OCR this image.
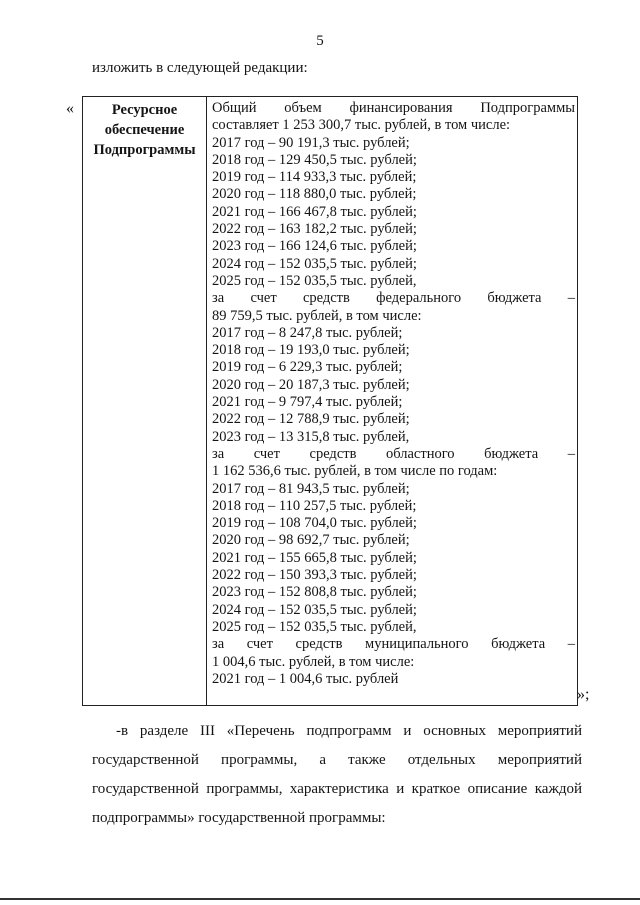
5
изложить в следующей редакции:
«	Ресурсное
обеспечение
Подпрограммы
Общий объем финансирования Подпрограммы
составляет 1 253 300,7 тыс. рублей, в том числе:
2017 год – 90 191,3 тыс. рублей;
2018 год – 129 450,5 тыс. рублей;
2019 год – 114 933,3 тыс. рублей;
2020 год – 118 880,0 тыс. рублей;
2021 год – 166 467,8 тыс. рублей;
2022 год – 163 182,2 тыс. рублей;
2023 год – 166 124,6 тыс. рублей;
2024 год – 152 035,5 тыс. рублей;
2025 год – 152 035,5 тыс. рублей,
за счет средств федерального бюджета –
89 759,5 тыс. рублей, в том числе:
2017 год – 8 247,8 тыс. рублей;
2018 год – 19 193,0 тыс. рублей;
2019 год – 6 229,3 тыс. рублей;
2020 год – 20 187,3 тыс. рублей;
2021 год – 9 797,4 тыс. рублей;
2022 год – 12 788,9 тыс. рублей;
2023 год – 13 315,8 тыс. рублей,
за счет средств областного бюджета –
1 162 536,6 тыс. рублей, в том числе по годам:
2017 год – 81 943,5 тыс. рублей;
2018 год – 110 257,5 тыс. рублей;
2019 год – 108 704,0 тыс. рублей;
2020 год – 98 692,7 тыс. рублей;
2021 год – 155 665,8 тыс. рублей;
2022 год – 150 393,3 тыс. рублей;
2023 год – 152 808,8 тыс. рублей;
2024 год – 152 035,5 тыс. рублей;
2025 год – 152 035,5 тыс. рублей,
за счет средств муниципального бюджета –
1 004,6 тыс. рублей, в том числе:
2021 год – 1 004,6 тыс. рублей
»;
-в разделе III «Перечень подпрограмм и основных мероприятий
государственной программы, а также отдельных мероприятий
государственной программы, характеристика и краткое описание каждой
подпрограммы» государственной программы:
